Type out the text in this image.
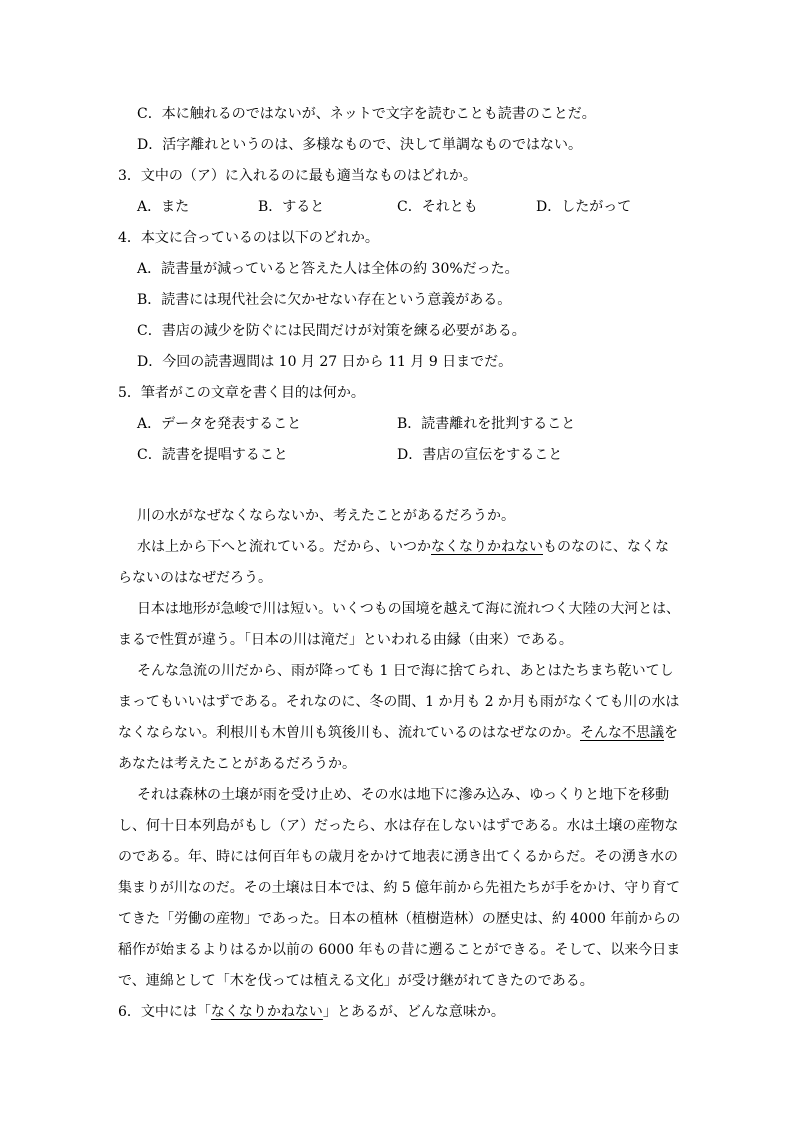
C．本に触れるのではないが、ネットで文字を読むことも読書のことだ。
D．活字離れというのは、多様なもので、決して単調なものではない。
3．文中の（ア）に入れるのに最も適当なものはどれか。
A．また	B．すると	C．それとも	D．したがって
4．本文に合っているのは以下のどれか。
A．読書量が減っていると答えた人は全体の約 30%だった。
B．読書には現代社会に欠かせない存在という意義がある。
C．書店の減少を防ぐには民間だけが対策を練る必要がある。
D．今回の読書週間は 10 月 27 日から 11 月 9 日までだ。
5．筆者がこの文章を書く目的は何か。
A．データを発表すること	B．読書離れを批判すること
C．読書を提唱すること	D．書店の宣伝をすること
川の水がなぜなくならないか、考えたことがあるだろうか。
水は上から下へと流れている。だから、いつかなくなりかねないものなのに、なくな
らないのはなぜだろう。
日本は地形が急峻で川は短い。いくつもの国境を越えて海に流れつく大陸の大河とは、
まるで性質が違う。「日本の川は滝だ」といわれる由縁（由来）である。
そんな急流の川だから、雨が降っても 1 日で海に捨てられ、あとはたちまち乾いてし
まってもいいはずである。それなのに、冬の間、1 か月も 2 か月も雨がなくても川の水は
なくならない。利根川も木曽川も筑後川も、流れているのはなぜなのか。そんな不思議を
あなたは考えたことがあるだろうか。
それは森林の土壌が雨を受け止め、その水は地下に滲み込み、ゆっくりと地下を移動
し、何十日本列島がもし（ア）だったら、水は存在しないはずである。水は土壌の産物な
のである。年、時には何百年もの歳月をかけて地表に湧き出てくるからだ。その湧き水の
集まりが川なのだ。その土壌は日本では、約 5 億年前から先祖たちが手をかけ、守り育て
てきた「労働の産物」であった。日本の植林（植樹造林）の歴史は、約 4000 年前からの
稲作が始まるよりはるか以前の 6000 年もの昔に遡ることができる。そして、以来今日ま
で、連綿として「木を伐っては植える文化」が受け継がれてきたのである。
6．文中には「なくなりかねない」とあるが、どんな意味か。
